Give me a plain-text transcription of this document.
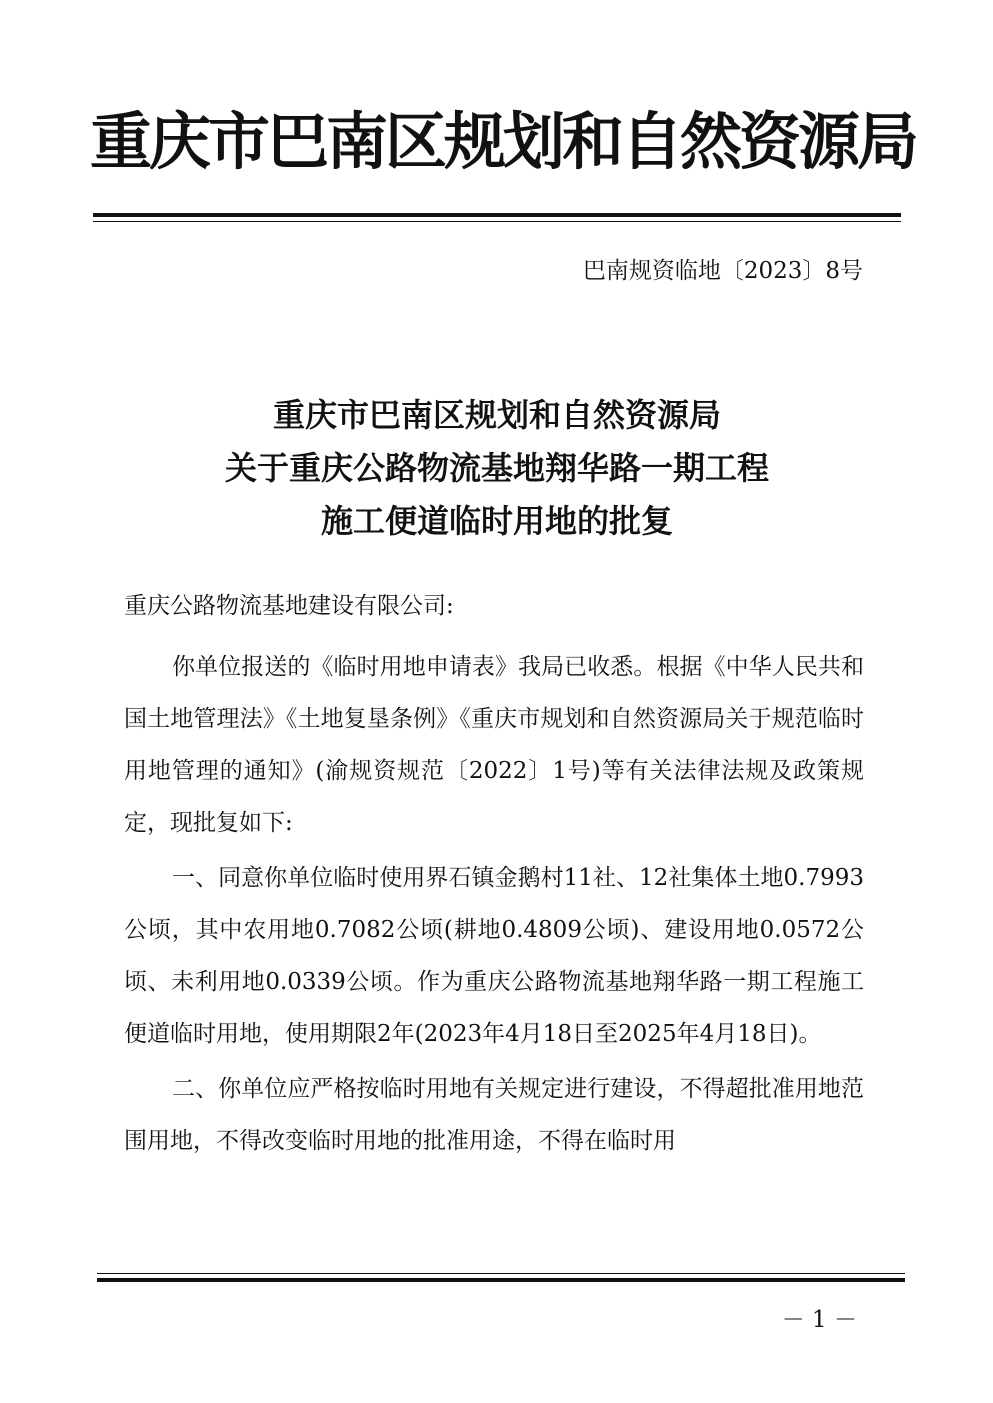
重庆市巴南区规划和自然资源局
巴南规资临地〔2023〕8号
重庆市巴南区规划和自然资源局
关于重庆公路物流基地翔华路一期工程
施工便道临时用地的批复
重庆公路物流基地建设有限公司:

你单位报送的《临时用地申请表》我局已收悉。根据《中华人民共和国土地管理法》《土地复垦条例》《重庆市规划和自然资源局关于规范临时用地管理的通知》(渝规资规范〔2022〕1号)等有关法律法规及政策规定，现批复如下:

一、同意你单位临时使用界石镇金鹅村11社、12社集体土地0.7993公顷，其中农用地0.7082公顷(耕地0.4809公顷)、建设用地0.0572公顷、未利用地0.0339公顷。作为重庆公路物流基地翔华路一期工程施工便道临时用地，使用期限2年(2023年4月18日至2025年4月18日)。

二、你单位应严格按临时用地有关规定进行建设，不得超批准用地范围用地，不得改变临时用地的批准用途，不得在临时用

－ 1 －
